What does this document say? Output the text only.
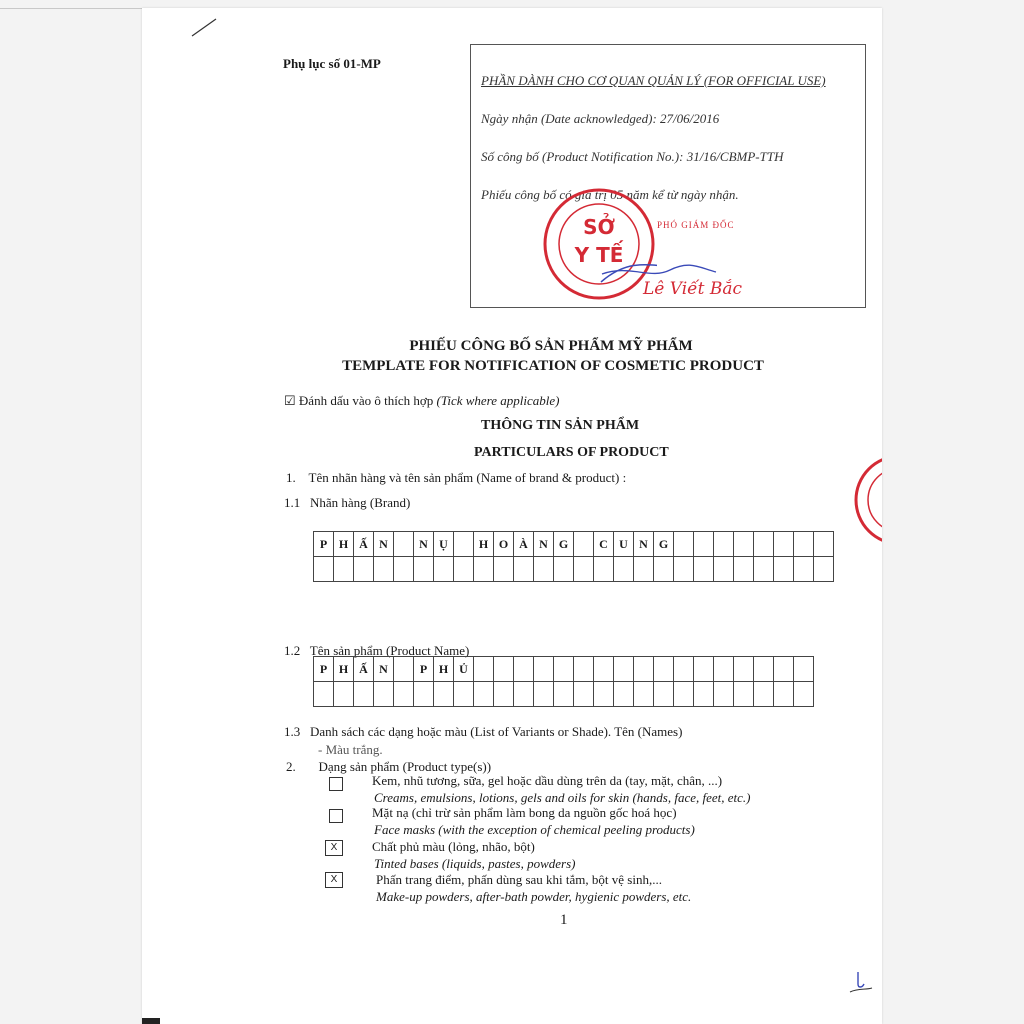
Phụ lục số 01-MP
PHẦN DÀNH CHO CƠ QUAN QUẢN LÝ (FOR OFFICIAL USE)
Ngày nhận (Date acknowledged): 27/06/2016
Số công bố (Product Notification No.): 31/16/CBMP-TTH
Phiếu công bố có giá trị 05 năm kể từ ngày nhận.
PHÓ GIÁM ĐỐC
Lê Viết Bắc
SỞ
Y TẾ
PHIẾU CÔNG BỐ SẢN PHẨM MỸ PHẨM
TEMPLATE FOR NOTIFICATION OF COSMETIC PRODUCT
☑ Đánh dấu vào ô thích hợp (Tick where applicable)
THÔNG TIN SẢN PHẨM
PARTICULARS OF PRODUCT
1. Tên nhãn hàng và tên sản phẩm (Name of brand & product) :
1.1 Nhãn hàng (Brand)
P	H	Ấ	N		N	Ụ		H	O	À	N	G		C	U	N	G								

1.2 Tên sản phẩm (Product Name)
P	H	Ấ	N		P	H	Ủ																	

1.3 Danh sách các dạng hoặc màu (List of Variants or Shade). Tên (Names)
- Màu trắng.
2. Dạng sản phẩm (Product type(s))
Kem, nhũ tương, sữa, gel hoặc dầu dùng trên da (tay, mặt, chân, ...)
Creams, emulsions, lotions, gels and oils for skin (hands, face, feet, etc.)
Mặt nạ (chỉ trừ sản phẩm làm bong da nguồn gốc hoá học)
Face masks (with the exception of chemical peeling products)
X	Chất phủ màu (lỏng, nhão, bột)
Tinted bases (liquids, pastes, powders)
X	Phấn trang điểm, phấn dùng sau khi tắm, bột vệ sinh,...
Make-up powders, after-bath powder, hygienic powders, etc.
1
